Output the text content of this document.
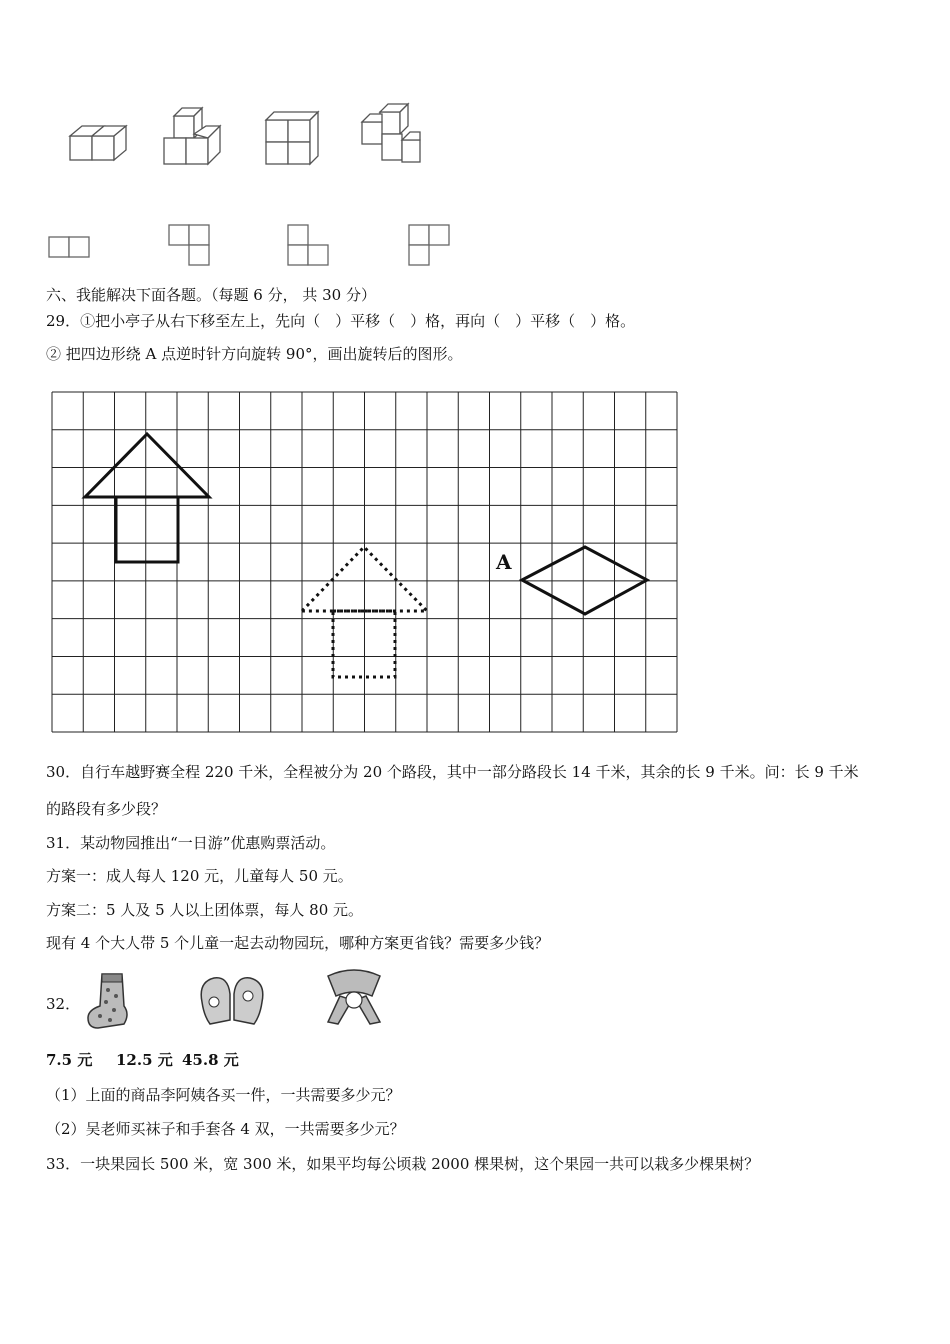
六、我能解决下面各题。（每题 6 分， 共 30 分）
29．①把小亭子从右下移至左上，先向（　）平移（　）格，再向（　）平移（　）格。
② 把四边形绕 A 点逆时针方向旋转 90°，画出旋转后的图形。
A
30．自行车越野赛全程 220 千米，全程被分为 20 个路段，其中一部分路段长 14 千米，其余的长 9 千米。问：长 9 千米
的路段有多少段？
31．某动物园推出“一日游”优惠购票活动。
方案一：成人每人 120 元，儿童每人 50 元。
方案二：5 人及 5 人以上团体票，每人 80 元。
现有 4 个大人带 5 个儿童一起去动物园玩，哪种方案更省钱？需要多少钱？
32．
7.5 元 12.5 元 45.8 元
（1）上面的商品李阿姨各买一件，一共需要多少元？
（2）吴老师买袜子和手套各 4 双，一共需要多少元？
33．一块果园长 500 米，宽 300 米，如果平均每公顷栽 2000 棵果树，这个果园一共可以栽多少棵果树？
